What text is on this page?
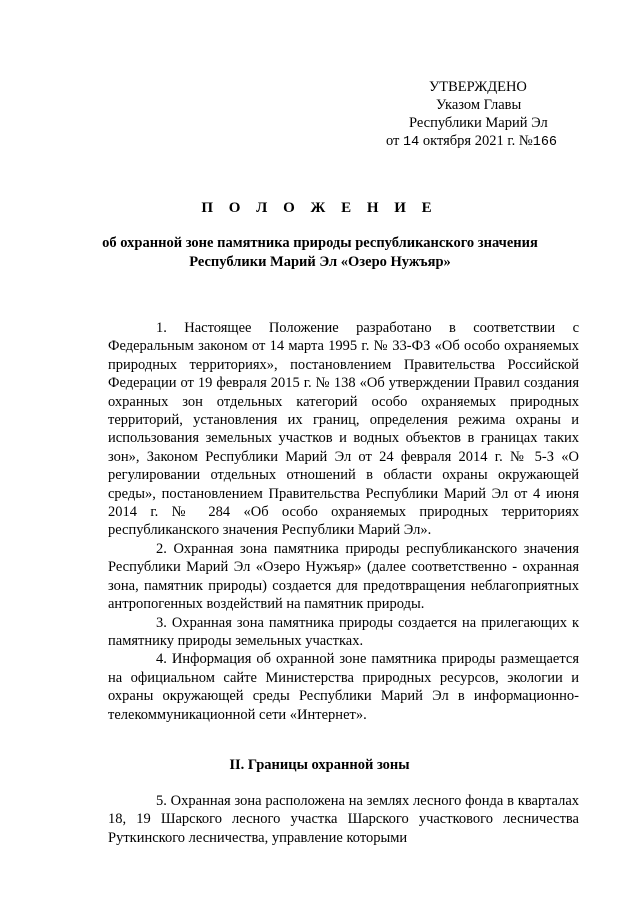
УТВЕРЖДЕНО
Указом Главы
Республики Марий Эл
от 14 октября 2021 г. №166
П О Л О Ж Е Н И Е
об охранной зоне памятника природы республиканского значения
Республики Марий Эл «Озеро Нужъяр»

1. Настоящее Положение разработано в соответствии с Федеральным законом от 14 марта 1995 г. № 33-ФЗ «Об особо охраняемых природных территориях», постановлением Правительства Российской Федерации от 19 февраля 2015 г. № 138 «Об утверждении Правил создания охранных зон отдельных категорий особо охраняемых природных территорий, установления их границ, определения режима охраны и использования земельных участков и водных объектов в границах таких зон», Законом Республики Марий Эл от 24 февраля 2014 г. № 5-З «О регулировании отдельных отношений в области охраны окружающей среды», постановлением Правительства Республики Марий Эл от 4 июня 2014 г. № 284 «Об особо охраняемых природных территориях республиканского значения Республики Марий Эл».

2. Охранная зона памятника природы республиканского значения Республики Марий Эл «Озеро Нужъяр» (далее соответственно - охранная зона, памятник природы) создается для предотвращения неблагоприятных антропогенных воздействий на памятник природы.

3. Охранная зона памятника природы создается на прилегающих к памятнику природы земельных участках.

4. Информация об охранной зоне памятника природы размещается на официальном сайте Министерства природных ресурсов, экологии и охраны окружающей среды Республики Марий Эл в информационно-телекоммуникационной сети «Интернет».

II. Границы охранной зоны

5. Охранная зона расположена на землях лесного фонда в кварталах 18, 19 Шарского лесного участка Шарского участкового лесничества Руткинского лесничества, управление которыми
